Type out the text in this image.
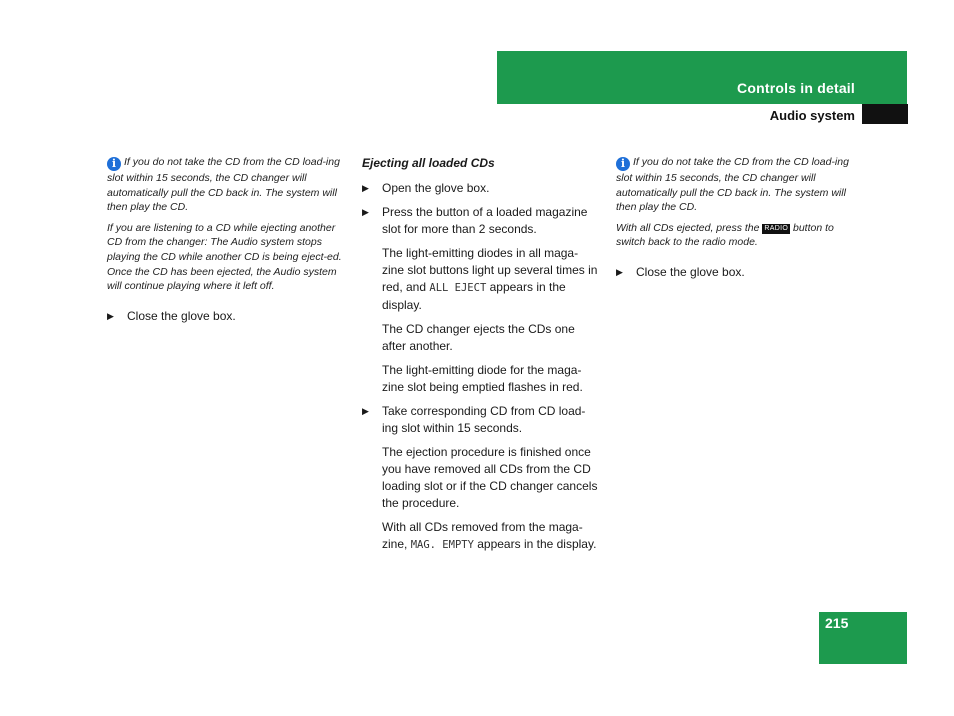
Controls in detail
Audio system

i If you do not take the CD from the CD load-ing slot within 15 seconds, the CD changer will automatically pull the CD back in. The system will then play the CD.

If you are listening to a CD while ejecting another CD from the changer: The Audio system stops playing the CD while another CD is being eject-ed. Once the CD has been ejected, the Audio system will continue playing where it left off.

▶ Close the glove box.

Ejecting all loaded CDs

▶ Open the glove box.
▶ Press the button of a loaded magazine slot for more than 2 seconds.

The light-emitting diodes in all maga-zine slot buttons light up several times in red, and ALL EJECT appears in the display.

The CD changer ejects the CDs one after another.

The light-emitting diode for the maga-zine slot being emptied flashes in red.

▶ Take corresponding CD from CD load-ing slot within 15 seconds.

The ejection procedure is finished once you have removed all CDs from the CD loading slot or if the CD changer cancels the procedure.

With all CDs removed from the maga-zine, MAG. EMPTY appears in the display.

i If you do not take the CD from the CD load-ing slot within 15 seconds, the CD changer will automatically pull the CD back in. The system will then play the CD.

With all CDs ejected, press the RADIO button to switch back to the radio mode.

▶ Close the glove box.
215
